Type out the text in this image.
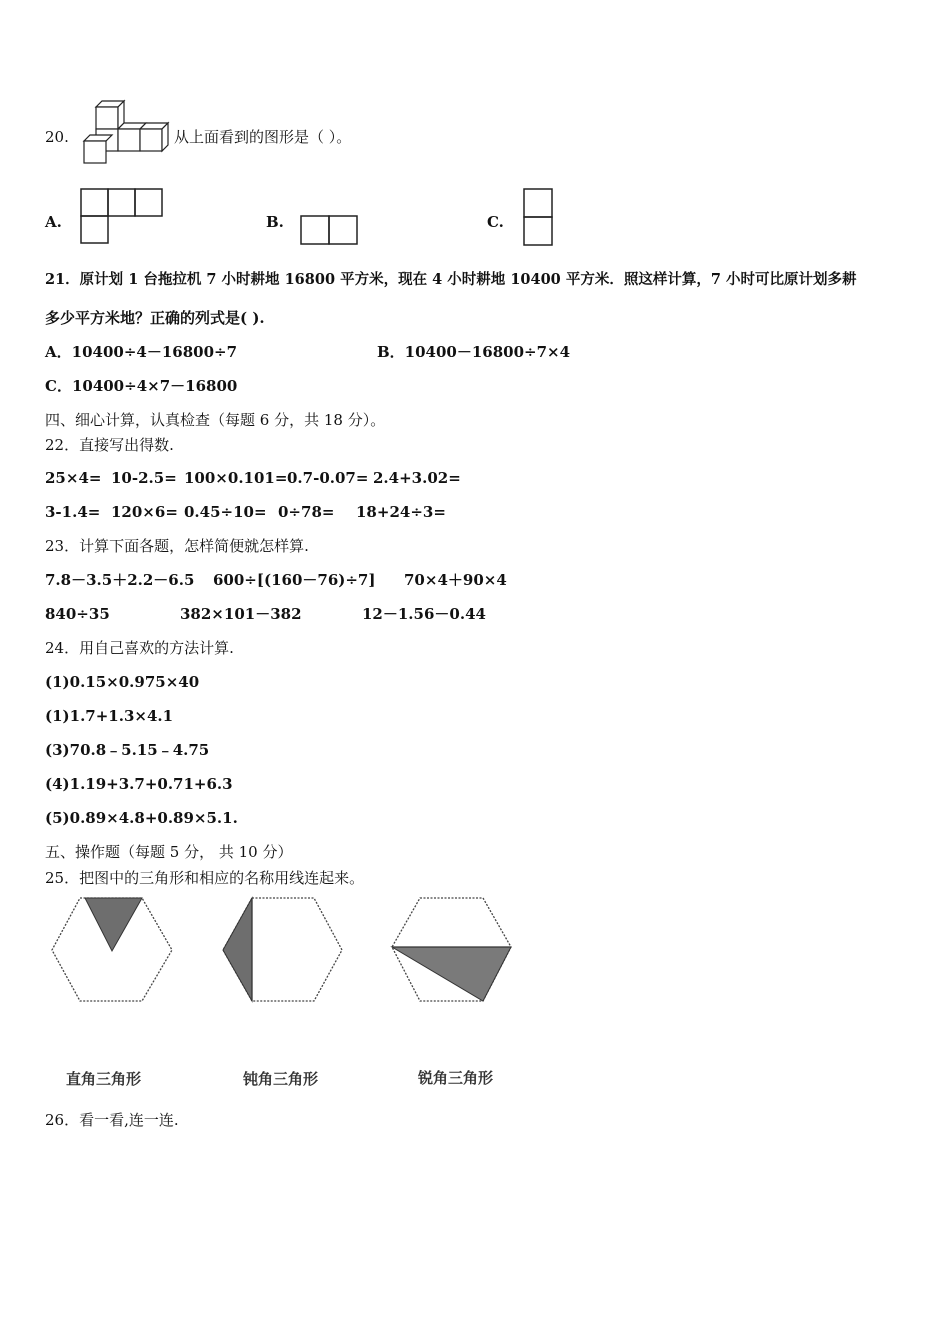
20.	从上面看到的图形是（ ）。
A.	B.	C.
21．原计划 1 台拖拉机 7 小时耕地 16800 平方米，现在 4 小时耕地 10400 平方米．照这样计算，7 小时可比原计划多耕
多少平方米地？正确的列式是( ).
A．10400÷4－16800÷7	B．10400－16800÷7×4
C．10400÷4×7－16800
四、细心计算，认真检查（每题 6 分，共 18 分）。
22．直接写出得数.
25×4= 10-2.5= 100×0.101= 0.7-0.07= 2.4+3.02=
3-1.4= 120×6= 0.45÷10= 0÷78= 18+24÷3=
23．计算下面各题，怎样简便就怎样算.
7.8－3.5＋2.2－6.5 600÷[(160－76)÷7] 70×4＋90×4
840÷35	382×101－382	12－1.56－0.44
24．用自己喜欢的方法计算.
(1)0.15×0.975×40
(1)1.7+1.3×4.1
(3)70.8﹣5.15﹣4.75
(4)1.19+3.7+0.71+6.3
(5)0.89×4.8+0.89×5.1.
五、操作题（每题 5 分， 共 10 分）
25．把图中的三角形和相应的名称用线连起来。
直角三角形	钝角三角形	锐角三角形
26．看一看,连一连.
